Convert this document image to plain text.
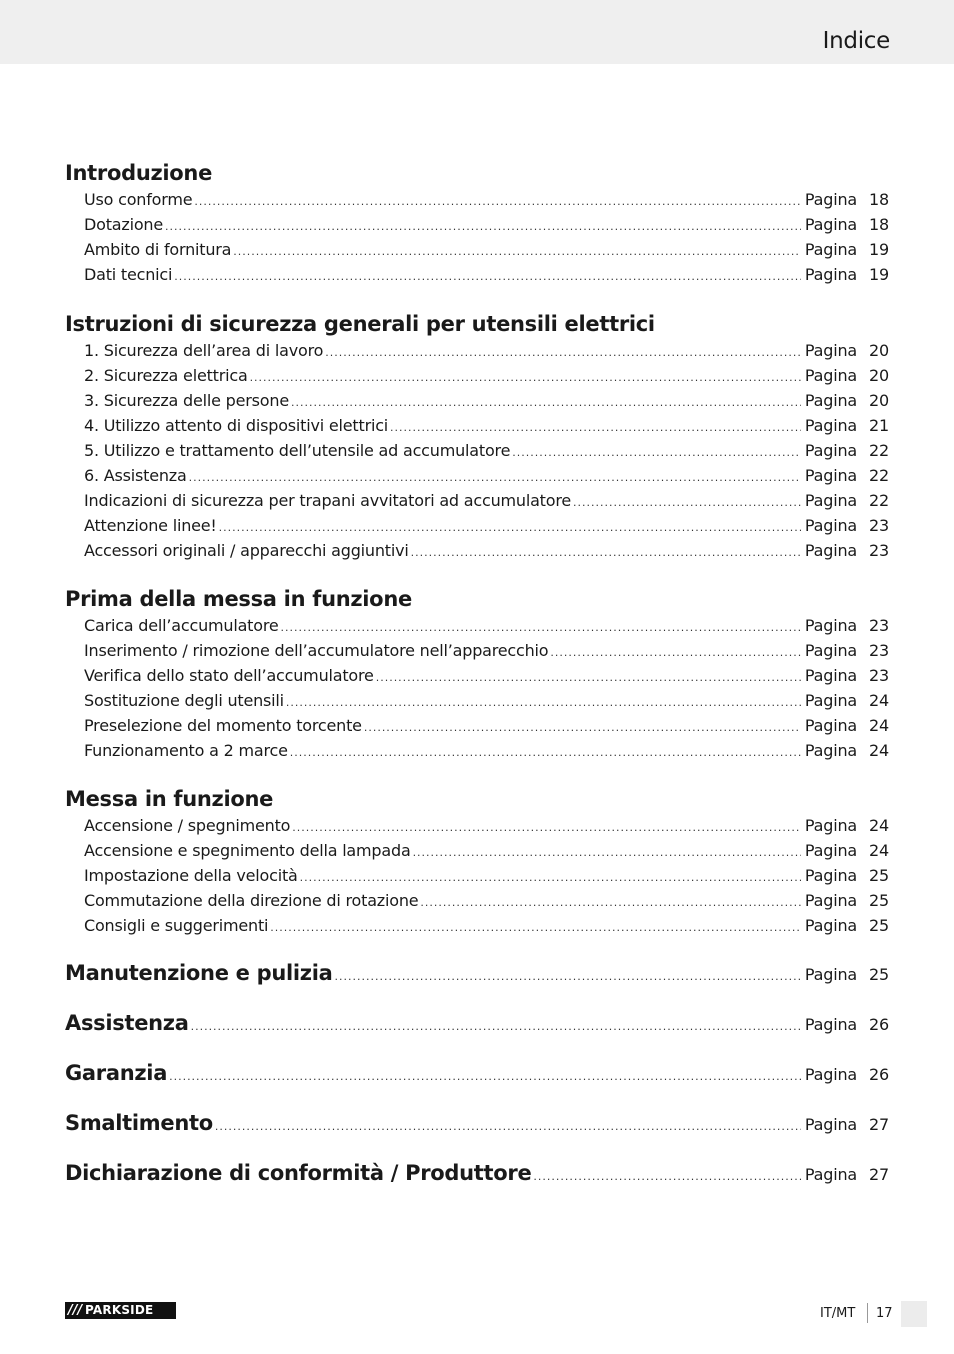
Indice
Introduzione
Uso conforme .....	Pagina 18
Dotazione .....	Pagina 18
Ambito di fornitura .....	Pagina 19
Dati tecnici .....	Pagina 19
Istruzioni di sicurezza generali per utensili elettrici
1. Sicurezza dell’area di lavoro .....	Pagina 20
2. Sicurezza elettrica .....	Pagina 20
3. Sicurezza delle persone .....	Pagina 20
4. Utilizzo attento di dispositivi elettrici .....	Pagina 21
5. Utilizzo e trattamento dell’utensile ad accumulatore .....	Pagina 22
6. Assistenza .....	Pagina 22
Indicazioni di sicurezza per trapani avvitatori ad accumulatore .....	Pagina 22
Attenzione linee! .....	Pagina 23
Accessori originali / apparecchi aggiuntivi .....	Pagina 23
Prima della messa in funzione
Carica dell’accumulatore .....	Pagina 23
Inserimento / rimozione dell’accumulatore nell’apparecchio .....	Pagina 23
Verifica dello stato dell’accumulatore .....	Pagina 23
Sostituzione degli utensili .....	Pagina 24
Preselezione del momento torcente .....	Pagina 24
Funzionamento a 2 marce .....	Pagina 24
Messa in funzione
Accensione / spegnimento .....	Pagina 24
Accensione e spegnimento della lampada .....	Pagina 24
Impostazione della velocità .....	Pagina 25
Commutazione della direzione di rotazione .....	Pagina 25
Consigli e suggerimenti .....	Pagina 25
Manutenzione e pulizia .....	Pagina 25
Assistenza .....	Pagina 26
Garanzia .....	Pagina 26
Smaltimento .....	Pagina 27
Dichiarazione di conformità / Produttore .....	Pagina 27
/// PARKSIDE	IT/MT 17
